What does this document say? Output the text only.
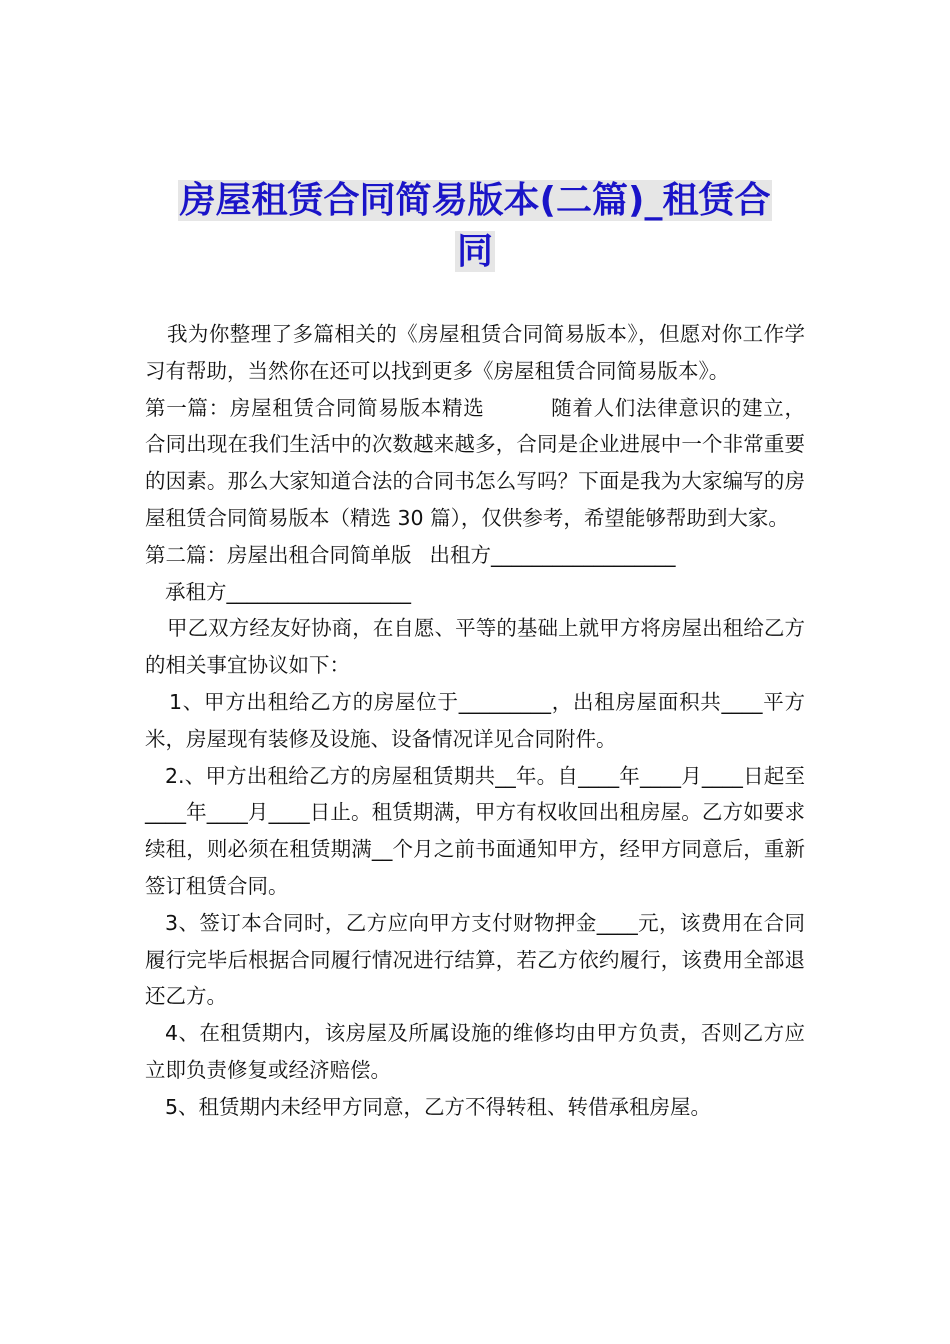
房屋租赁合同简易版本(二篇)_租赁合
同

我为你整理了多篇相关的《房屋租赁合同简易版本》，但愿对你工作学习有帮助，当然你在还可以找到更多《房屋租赁合同简易版本》。

第一篇：房屋租赁合同简易版本精选	随着人们法律意识的建立，合同出现在我们生活中的次数越来越多，合同是企业进展中一个非常重要的因素。那么大家知道合法的合同书怎么写吗？下面是我为大家编写的房屋租赁合同简易版本（精选 30 篇），仅供参考，希望能够帮助到大家。

第二篇：房屋出租合同简单版 出租方__________________

承租方__________________

甲乙双方经友好协商，在自愿、平等的基础上就甲方将房屋出租给乙方的相关事宜协议如下：

1、甲方出租给乙方的房屋位于_________，出租房屋面积共____平方米，房屋现有装修及设施、设备情况详见合同附件。

2.、甲方出租给乙方的房屋租赁期共__年。自____年____月____日起至____年____月____日止。租赁期满，甲方有权收回出租房屋。乙方如要求续租，则必须在租赁期满__个月之前书面通知甲方，经甲方同意后，重新签订租赁合同。

3、签订本合同时，乙方应向甲方支付财物押金____元，该费用在合同履行完毕后根据合同履行情况进行结算，若乙方依约履行，该费用全部退还乙方。

4、在租赁期内，该房屋及所属设施的维修均由甲方负责，否则乙方应立即负责修复或经济赔偿。

5、租赁期内未经甲方同意，乙方不得转租、转借承租房屋。
